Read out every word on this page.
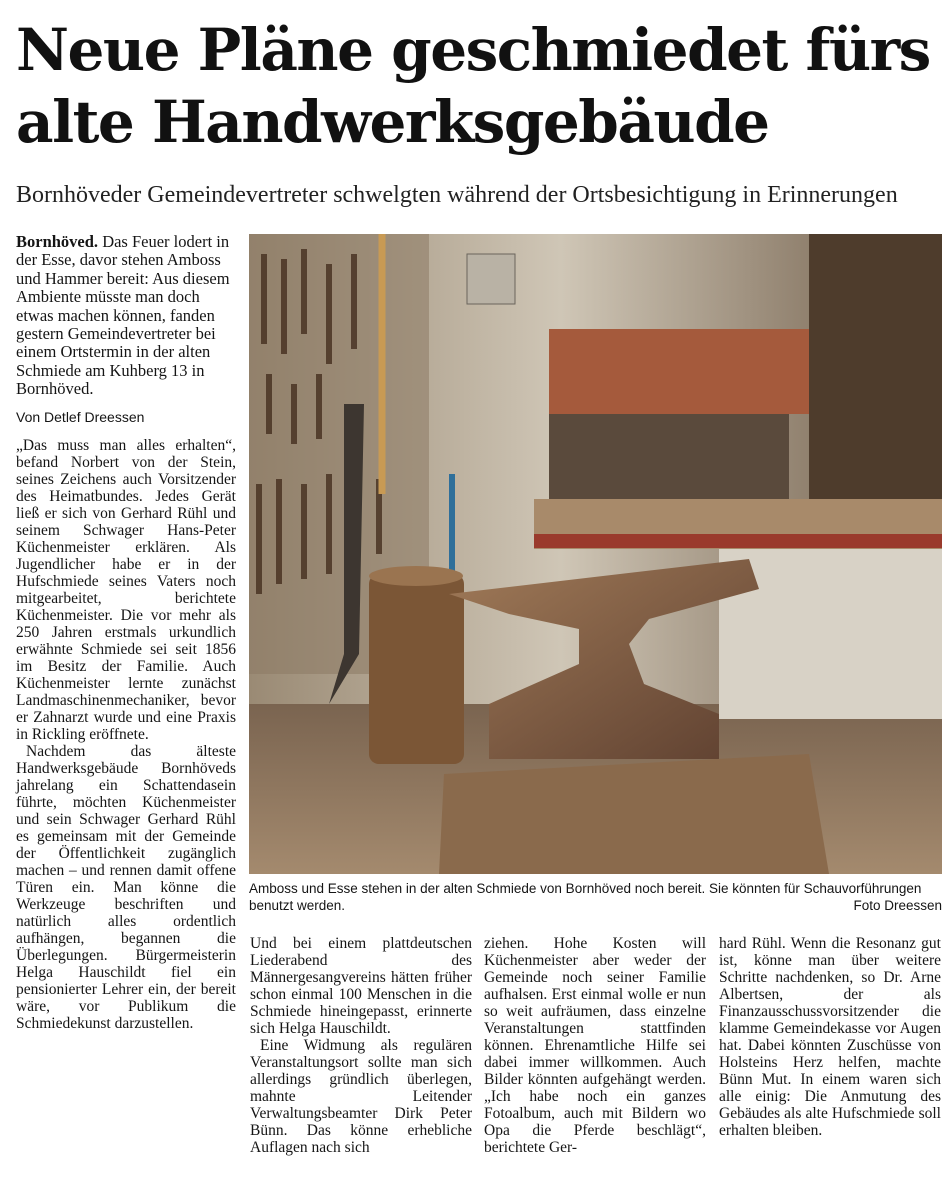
Neue Pläne geschmiedet fürs alte Handwerksgebäude
Bornhöveder Gemeindevertreter schwelgten während der Ortsbesichtigung in Erinnerungen

Bornhöved. Das Feuer lodert in der Esse, davor stehen Amboss und Hammer bereit: Aus diesem Ambiente müsste man doch etwas machen können, fanden gestern Gemeindevertreter bei einem Ortstermin in der alten Schmiede am Kuhberg 13 in Bornhöved.

Von Detlef Dreessen

„Das muss man alles erhalten“, befand Norbert von der Stein, seines Zeichens auch Vorsitzender des Heimatbundes. Jedes Gerät ließ er sich von Gerhard Rühl und seinem Schwager Hans-Peter Küchenmeister erklären. Als Jugendlicher habe er in der Hufschmiede seines Vaters noch mitgearbeitet, berichtete Küchenmeister. Die vor mehr als 250 Jahren erstmals urkundlich erwähnte Schmiede sei seit 1856 im Besitz der Familie. Auch Küchenmeister lernte zunächst Landmaschinenmechaniker, bevor er Zahnarzt wurde und eine Praxis in Rickling eröffnete.

Nachdem das älteste Handwerksgebäude Bornhöveds jahrelang ein Schattendasein führte, möchten Küchenmeister und sein Schwager Gerhard Rühl es gemeinsam mit der Gemeinde der Öffentlichkeit zugänglich machen – und rennen damit offene Türen ein. Man könne die Werkzeuge beschriften und natürlich alles ordentlich aufhängen, begannen die Überlegungen. Bürgermeisterin Helga Hauschildt fiel ein pensionierter Lehrer ein, der bereit wäre, vor Publikum die Schmiedekunst darzustellen.

Amboss und Esse stehen in der alten Schmiede von Bornhöved noch bereit. Sie könnten für Schauvorführungen benutzt werden.	Foto Dreessen

Und bei einem plattdeutschen Liederabend des Männergesangvereins hätten früher schon einmal 100 Menschen in die Schmiede hineingepasst, erinnerte sich Helga Hauschildt.

Eine Widmung als regulären Veranstaltungsort sollte man sich allerdings gründlich überlegen, mahnte Leitender Verwaltungsbeamter Dirk Peter Bünn. Das könne erhebliche Auflagen nach sich

ziehen. Hohe Kosten will Küchenmeister aber weder der Gemeinde noch seiner Familie aufhalsen. Erst einmal wolle er nun so weit aufräumen, dass einzelne Veranstaltungen stattfinden können. Ehrenamtliche Hilfe sei dabei immer willkommen. Auch Bilder könnten aufgehängt werden. „Ich habe noch ein ganzes Fotoalbum, auch mit Bildern wo Opa die Pferde beschlägt“, berichtete Ger-

hard Rühl. Wenn die Resonanz gut ist, könne man über weitere Schritte nachdenken, so Dr. Arne Albertsen, der als Finanzausschussvorsitzender die klamme Gemeindekasse vor Augen hat. Dabei könnten Zuschüsse von Holsteins Herz helfen, machte Bünn Mut. In einem waren sich alle einig: Die Anmutung des Gebäudes als alte Hufschmiede soll erhalten bleiben.
